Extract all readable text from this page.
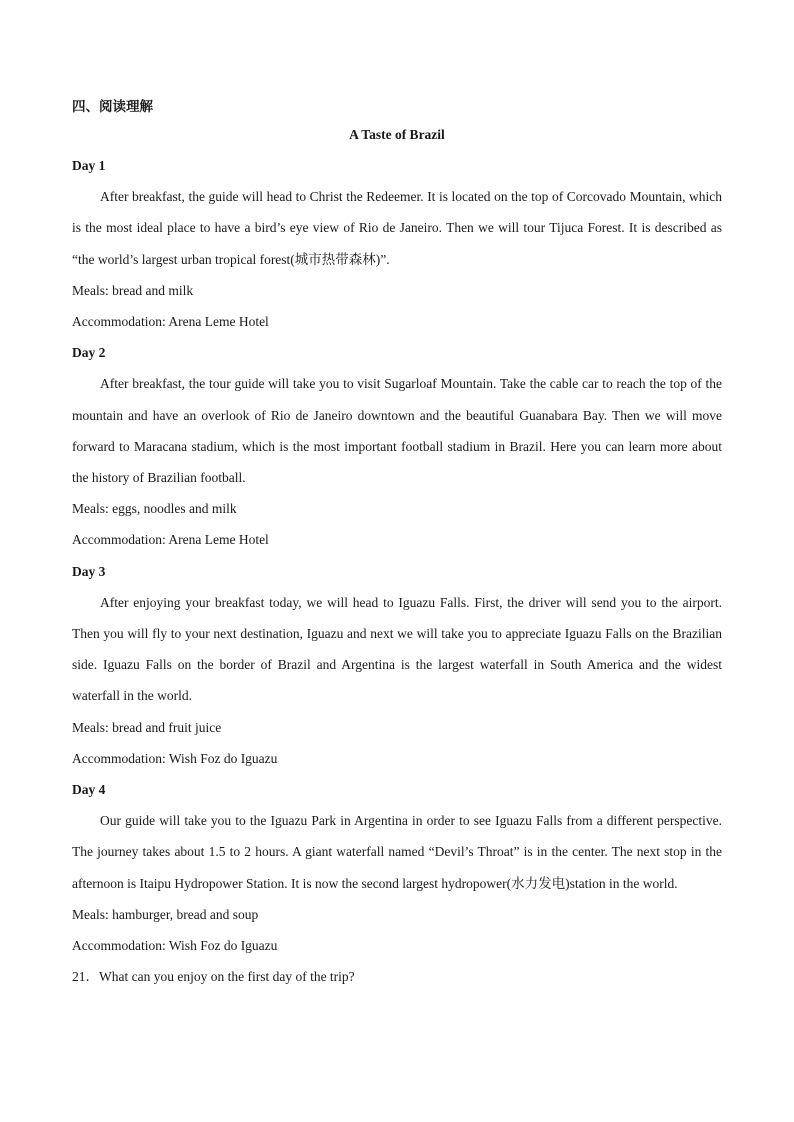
四、阅读理解

A Taste of Brazil

Day 1

After breakfast, the guide will head to Christ the Redeemer. It is located on the top of Corcovado Mountain, which is the most ideal place to have a bird’s eye view of Rio de Janeiro. Then we will tour Tijuca Forest. It is described as “the world’s largest urban tropical forest(城市热带森林)”.

Meals: bread and milk

Accommodation: Arena Leme Hotel

Day 2

After breakfast, the tour guide will take you to visit Sugarloaf Mountain. Take the cable car to reach the top of the mountain and have an overlook of Rio de Janeiro downtown and the beautiful Guanabara Bay. Then we will move forward to Maracana stadium, which is the most important football stadium in Brazil. Here you can learn more about the history of Brazilian football.

Meals: eggs, noodles and milk

Accommodation: Arena Leme Hotel

Day 3

After enjoying your breakfast today, we will head to Iguazu Falls. First, the driver will send you to the airport. Then you will fly to your next destination, Iguazu and next we will take you to appreciate Iguazu Falls on the Brazilian side. Iguazu Falls on the border of Brazil and Argentina is the largest waterfall in South America and the widest waterfall in the world.

Meals: bread and fruit juice

Accommodation: Wish Foz do Iguazu

Day 4

Our guide will take you to the Iguazu Park in Argentina in order to see Iguazu Falls from a different perspective. The journey takes about 1.5 to 2 hours. A giant waterfall named “Devil’s Throat” is in the center. The next stop in the afternoon is Itaipu Hydropower Station. It is now the second largest hydropower(水力发电)station in the world.

Meals: hamburger, bread and soup

Accommodation: Wish Foz do Iguazu

21．What can you enjoy on the first day of the trip?
